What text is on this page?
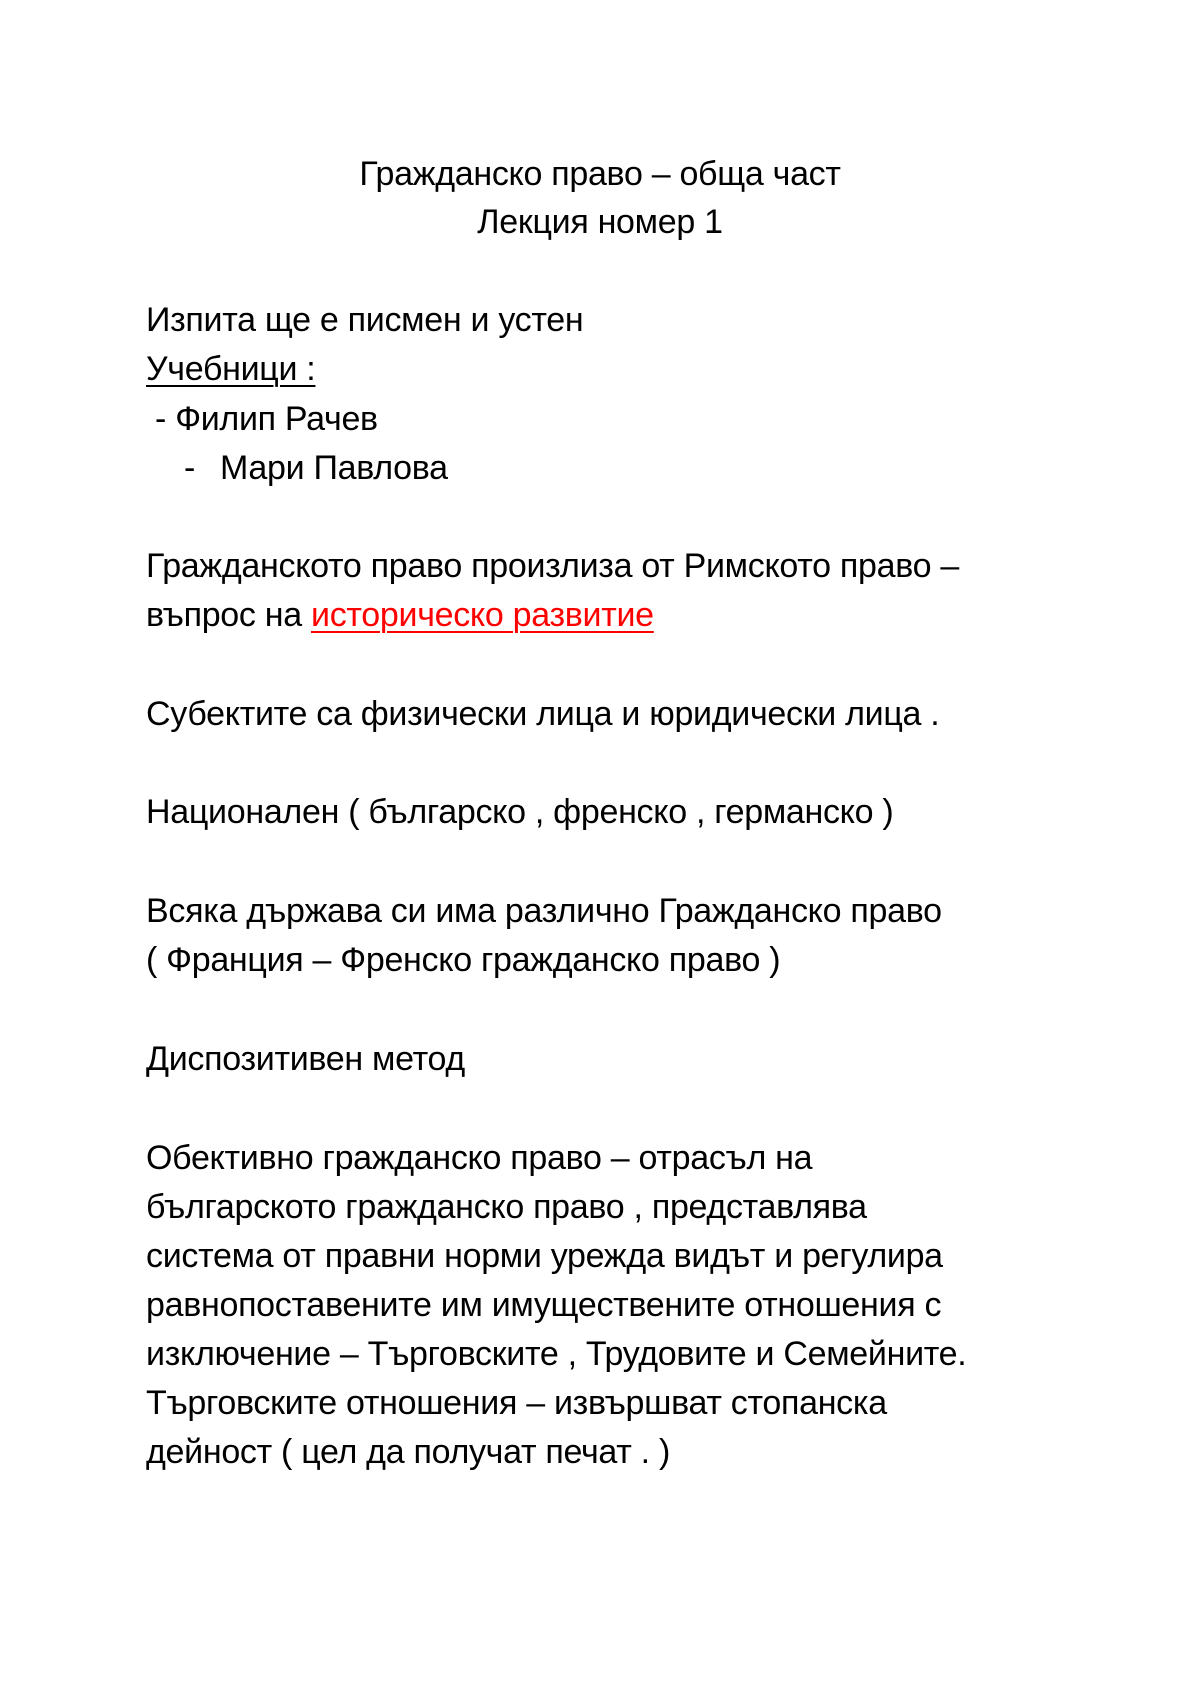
Гражданско право – обща част
Лекция номер 1
Изпита ще е писмен и устен
Учебници :
- Филип Рачев
- Мари Павлова
Гражданското право произлиза от Римското право –
въпрос на историческо развитие
Субектите са физически лица и юридически лица .
Национален ( българско , френско , германско )
Всяка държава си има различно Гражданско право
( Франция – Френско гражданско право )
Диспозитивен метод
Обективно гражданско право – отрасъл на
българското гражданско право , представлява
система от правни норми урежда видът и регулира
равнопоставените им имуществените отношения с
изключение – Търговските , Трудовите и Семейните.
Търговските отношения – извършват стопанска
дейност ( цел да получат печат . )
